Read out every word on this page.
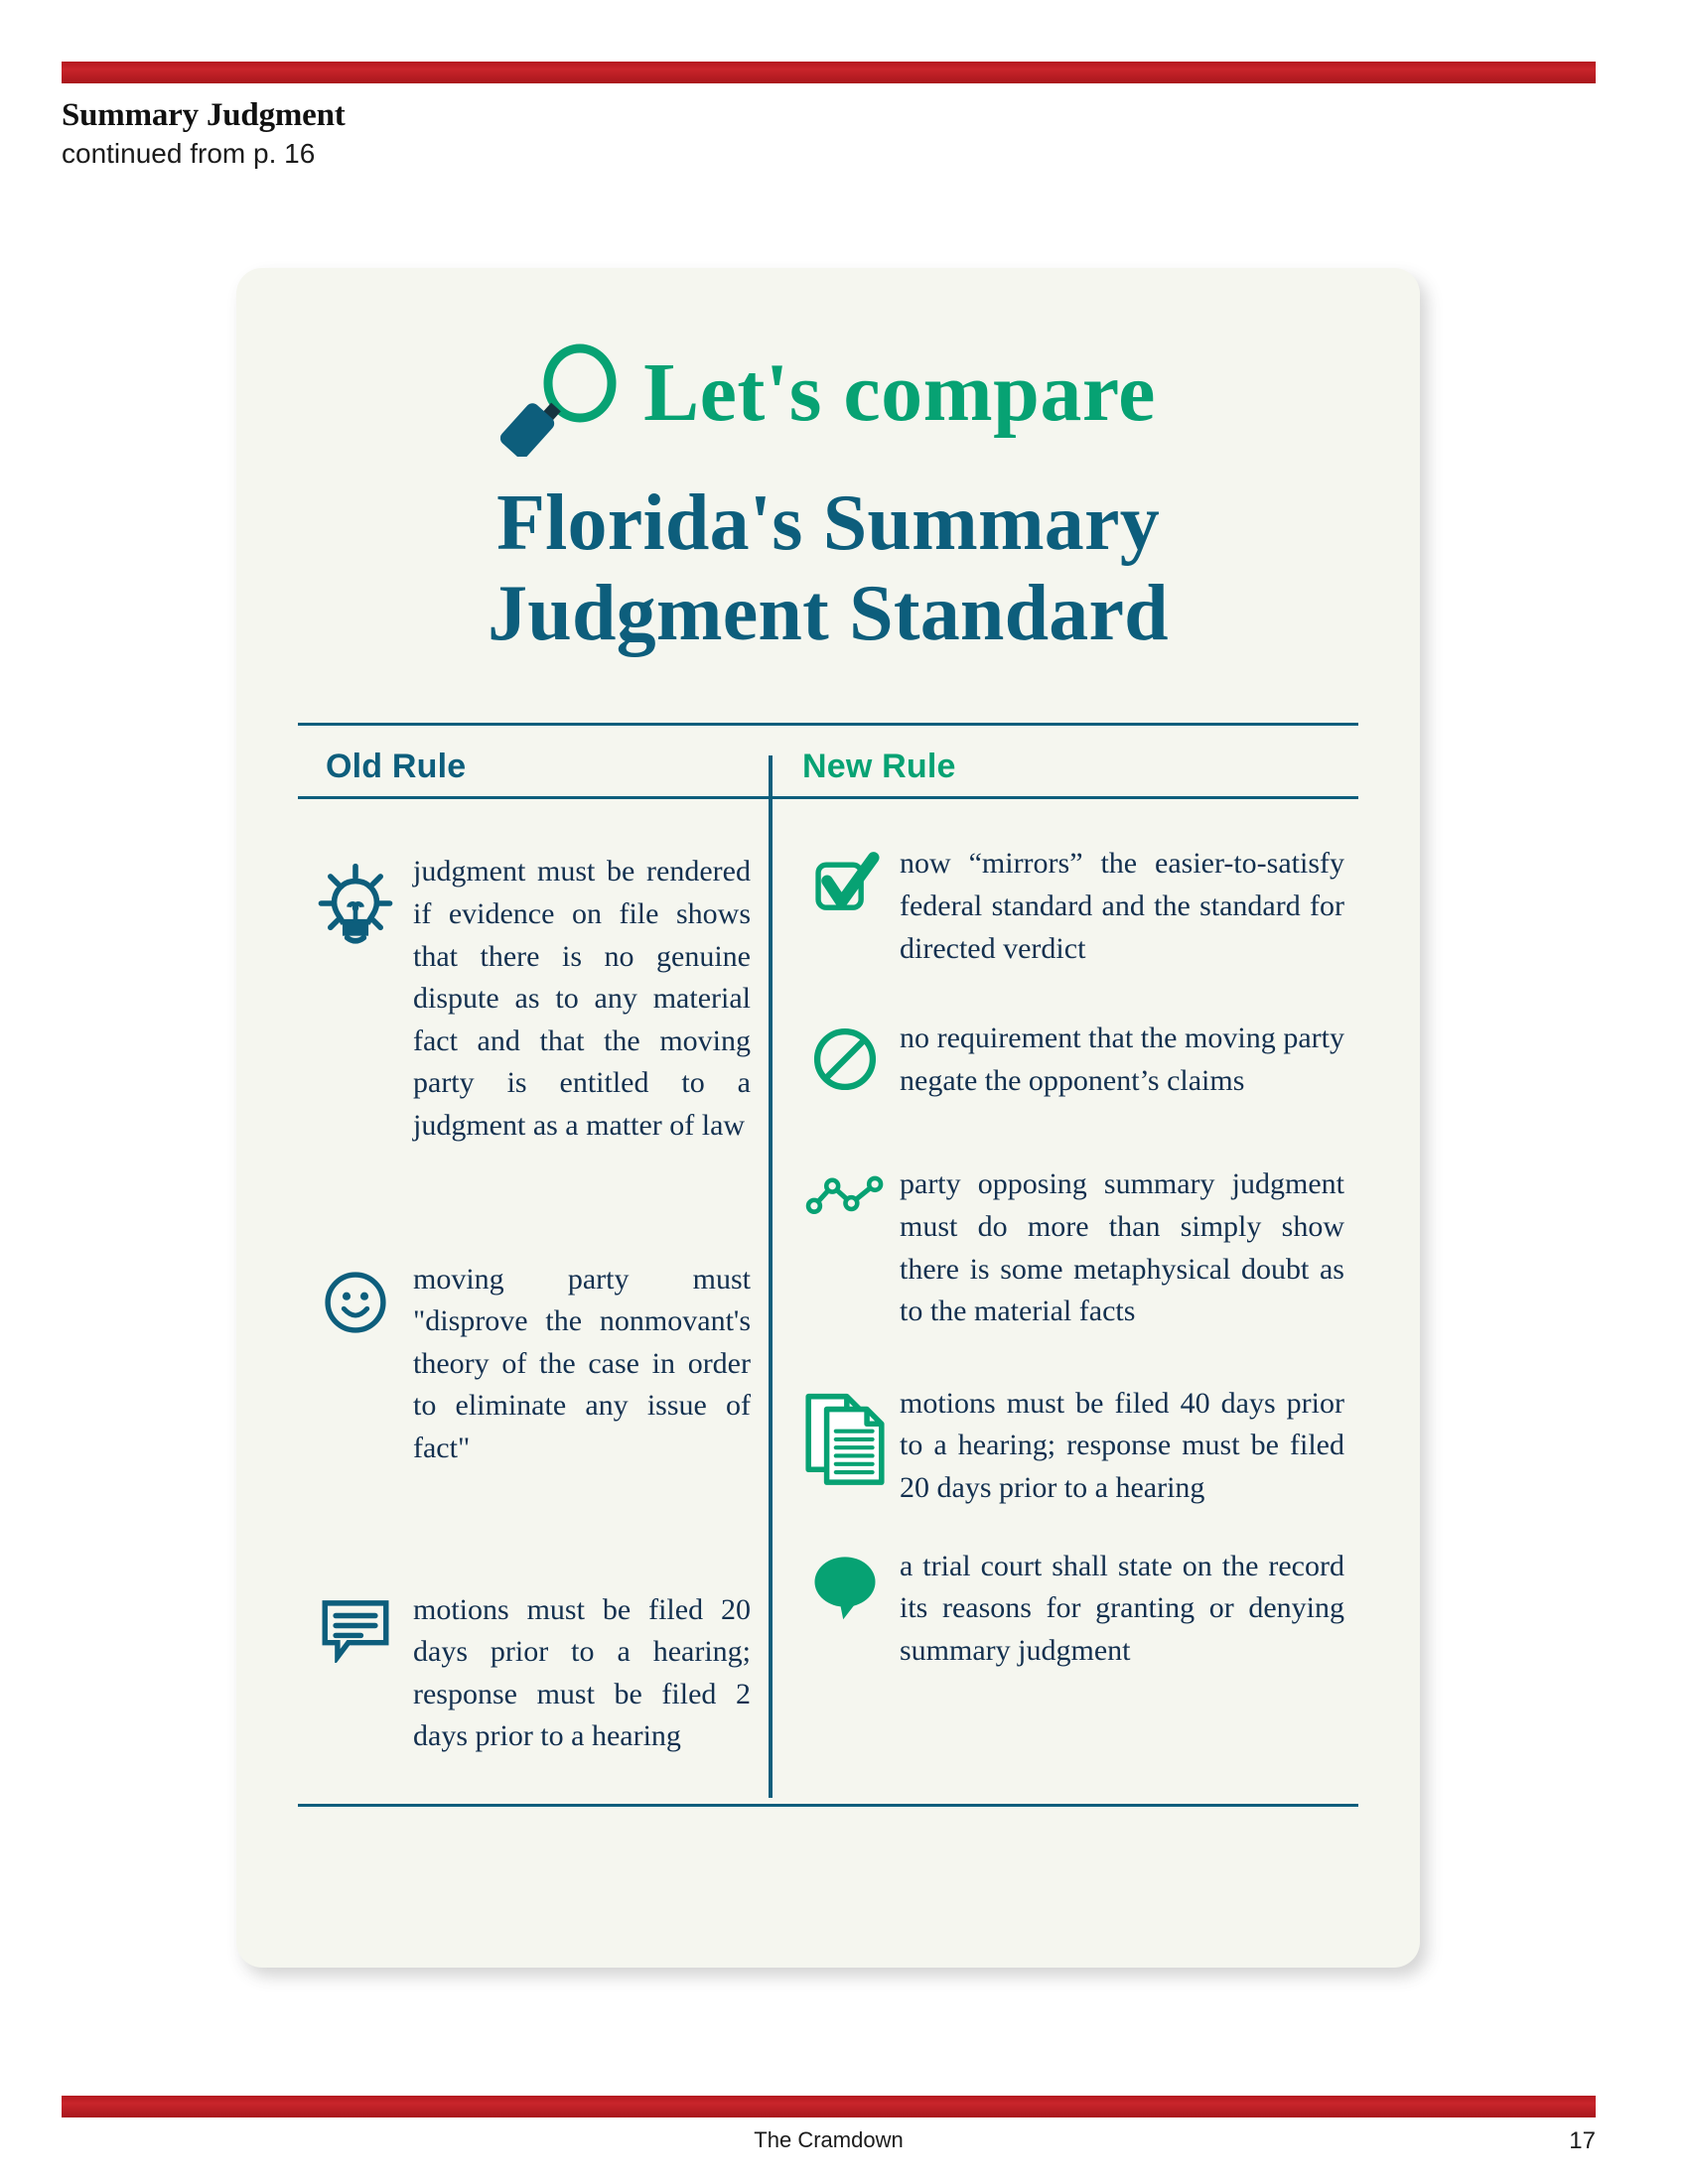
Summary Judgment
continued from p. 16
Let's compare
Florida's Summary
Judgment Standard
Old Rule	New Rule
judgment must be rendered if evidence on file shows that there is no genuine dispute as to any material fact and that the moving party is entitled to a judgment as a matter of law
moving party must "disprove the nonmovant's theory of the case in order to eliminate any issue of fact"
motions must be filed 20 days prior to a hearing; response must be filed 2 days prior to a hearing
now “mirrors” the easier-to-satisfy federal standard and the standard for directed verdict
no requirement that the moving party negate the opponent’s claims
party opposing summary judgment must do more than simply show there is some metaphysical doubt as to the material facts
motions must be filed 40 days prior to a hearing; response must be filed 20 days prior to a hearing
a trial court shall state on the record its reasons for granting or denying summary judgment
The Cramdown	17
